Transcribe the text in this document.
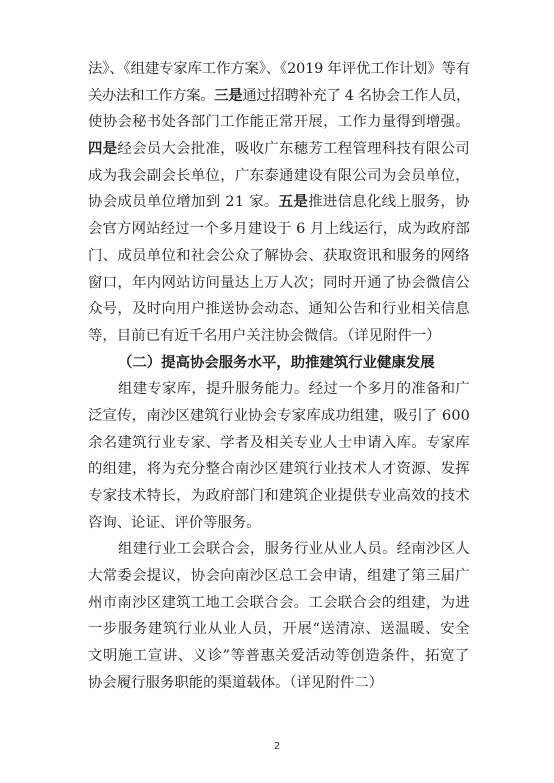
法》、《组建专家库工作方案》、《2019 年评优工作计划》等有
关办法和工作方案。三是通过招聘补充了 4 名协会工作人员，
使协会秘书处各部门工作能正常开展，工作力量得到增强。
四是经会员大会批准，吸收广东穗芳工程管理科技有限公司
成为我会副会长单位，广东泰通建设有限公司为会员单位，
协会成员单位增加到 21 家。五是推进信息化线上服务，协
会官方网站经过一个多月建设于 6 月上线运行，成为政府部
门、成员单位和社会公众了解协会、获取资讯和服务的网络
窗口，年内网站访问量达上万人次；同时开通了协会微信公
众号，及时向用户推送协会动态、通知公告和行业相关信息
等，目前已有近千名用户关注协会微信。（详见附件一）
（二）提高协会服务水平，助推建筑行业健康发展
组建专家库，提升服务能力。经过一个多月的准备和广
泛宣传，南沙区建筑行业协会专家库成功组建，吸引了 600
余名建筑行业专家、学者及相关专业人士申请入库。专家库
的组建，将为充分整合南沙区建筑行业技术人才资源、发挥
专家技术特长，为政府部门和建筑企业提供专业高效的技术
咨询、论证、评价等服务。
组建行业工会联合会，服务行业从业人员。经南沙区人
大常委会提议，协会向南沙区总工会申请，组建了第三届广
州市南沙区建筑工地工会联合会。工会联合会的组建，为进
一步服务建筑行业从业人员，开展“送清凉、送温暖、安全
文明施工宣讲、义诊”等普惠关爱活动等创造条件，拓宽了
协会履行服务职能的渠道载体。（详见附件二）
2
